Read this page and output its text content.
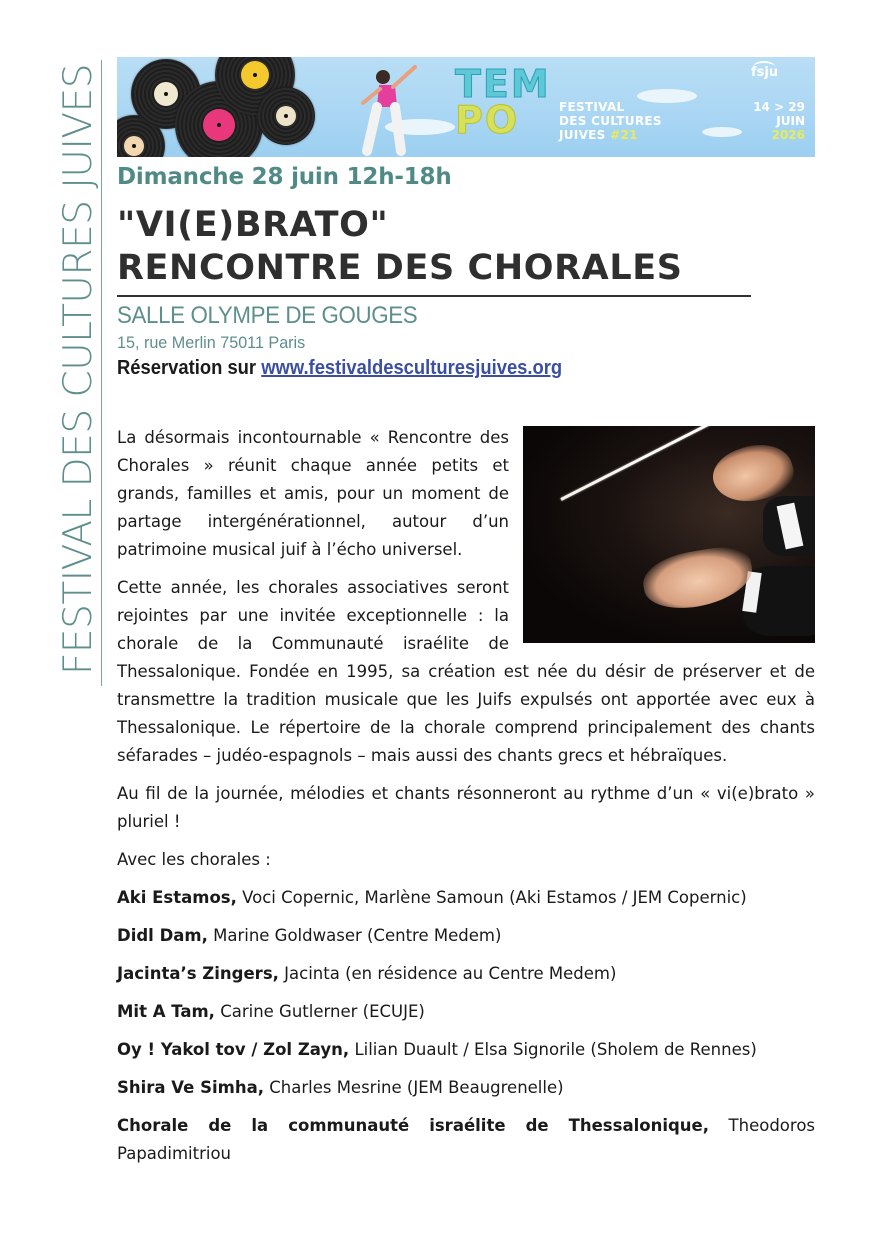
FESTIVAL DES CULTURES JUIVES	TEM
PO	FESTIVAL
DES CULTURES
JUIVES #21
fsju
14 > 29
JUIN
2026
Dimanche 28 juin 12h-18h
"VI(E)BRATO"
RENCONTRE DES CHORALES
SALLE OLYMPE DE GOUGES
15, rue Merlin 75011 Paris
Réservation sur www.festivaldesculturesjuives.org

La désormais incontournable « Rencontre des Chorales » réunit chaque année petits et grands, familles et amis, pour un moment de partage intergénérationnel, autour d’un patrimoine musical juif à l’écho universel.

Cette année, les chorales associatives seront rejointes par une invitée exceptionnelle : la chorale de la Communauté israélite de Thessalonique. Fondée en 1995, sa création est née du désir de préserver et de transmettre la tradition musicale que les Juifs expulsés ont apportée avec eux à Thessalonique. Le répertoire de la chorale comprend principalement des chants séfarades – judéo-espagnols – mais aussi des chants grecs et hébraïques.

Au fil de la journée, mélodies et chants résonneront au rythme d’un « vi(e)brato » pluriel !

Avec les chorales :

Aki Estamos, Voci Copernic, Marlène Samoun (Aki Estamos / JEM Copernic)

Didl Dam, Marine Goldwaser (Centre Medem)

Jacinta’s Zingers, Jacinta (en résidence au Centre Medem)

Mit A Tam, Carine Gutlerner (ECUJE)

Oy ! Yakol tov / Zol Zayn, Lilian Duault / Elsa Signorile (Sholem de Rennes)

Shira Ve Simha, Charles Mesrine (JEM Beaugrenelle)

Chorale de la communauté israélite de Thessalonique, Theodoros Papadimitriou
